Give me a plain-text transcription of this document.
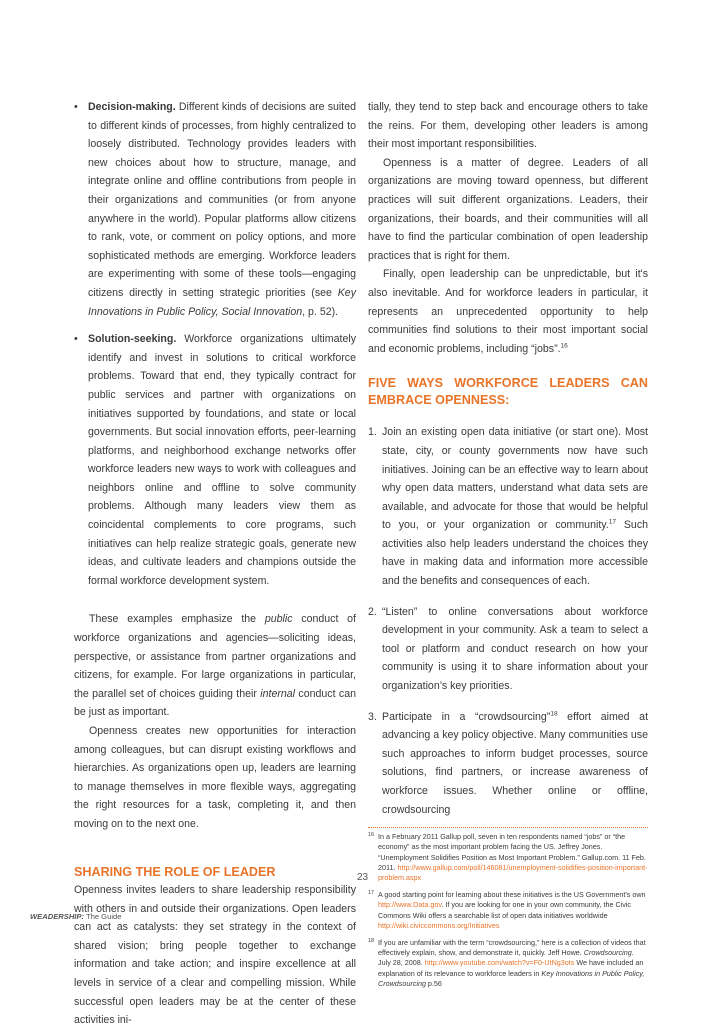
• Decision-making. Different kinds of decisions are suited to different kinds of processes, from highly centralized to loosely distributed. Technology provides leaders with new choices about how to structure, manage, and integrate online and offline contributions from people in their organizations and communities (or from anyone anywhere in the world). Popular platforms allow citizens to rank, vote, or comment on policy options, and more sophisticated methods are emerging. Workforce leaders are experimenting with some of these tools—engaging citizens directly in setting strategic priorities (see Key Innovations in Public Policy, Social Innovation, p. 52).
• Solution-seeking. Workforce organizations ultimately identify and invest in solutions to critical workforce problems. Toward that end, they typically contract for public services and partner with organizations on initiatives supported by foundations, and state or local governments. But social innovation efforts, peer-learning platforms, and neighborhood exchange networks offer workforce leaders new ways to work with colleagues and neighbors online and offline to solve community problems. Although many leaders view them as coincidental complements to core programs, such initiatives can help realize strategic goals, generate new ideas, and cultivate leaders and champions outside the formal workforce development system.

These examples emphasize the public conduct of workforce organizations and agencies—soliciting ideas, perspective, or assistance from partner organizations and citizens, for example. For large organizations in particular, the parallel set of choices guiding their internal conduct can be just as important.

Openness creates new opportunities for interaction among colleagues, but can disrupt existing workflows and hierarchies. As organizations open up, leaders are learning to manage themselves in more flexible ways, aggregating the right resources for a task, completing it, and then moving on to the next one.

SHARING THE ROLE OF LEADER

Openness invites leaders to share leadership responsibility with others in and outside their organizations. Open leaders can act as catalysts: they set strategy in the context of shared vision; bring people together to exchange information and take action; and inspire excellence at all levels in service of a clear and compelling mission. While successful open leaders may be at the center of these activities ini-

tially, they tend to step back and encourage others to take the reins. For them, developing other leaders is among their most important responsibilities.

Openness is a matter of degree. Leaders of all organizations are moving toward openness, but different practices will suit different organizations. Leaders, their organizations, their boards, and their communities will all have to find the particular combination of open leadership practices that is right for them.

Finally, open leadership can be unpredictable, but it's also inevitable. And for workforce leaders in particular, it represents an unprecedented opportunity to help communities find solutions to their most important social and economic problems, including “jobs”.$^{16}$

FIVE WAYS WORKFORCE LEADERS CAN EMBRACE OPENNESS:
1. Join an existing open data initiative (or start one). Most state, city, or county governments now have such initiatives. Joining can be an effective way to learn about why open data matters, understand what data sets are available, and advocate for those that would be helpful to you, or your organization or community.$^{17}$ Such activities also help leaders understand the choices they have in making data and information more accessible and the benefits and consequences of each.
2. “Listen” to online conversations about workforce development in your community. Ask a team to select a tool or platform and conduct research on how your community is using it to share information about your organization’s key priorities.
3. Participate in a “crowdsourcing”$^{18}$ effort aimed at advancing a key policy objective. Many communities use such approaches to inform budget processes, source solutions, find partners, or increase awareness of workforce issues. Whether online or offline, crowdsourcing
16 In a February 2011 Gallup poll, seven in ten respondents named “jobs” or “the economy” as the most important problem facing the US. Jeffrey Jones. “Unemployment Solidifies Position as Most Important Problem.” Gallup.com. 11 Feb. 2011. http://www.gallup.com/poll/146081/unemployment-solidifies-position-important-problem.aspx
17 A good starting point for learning about these initiatives is the US Government’s own http://www.Data.gov. If you are looking for one in your own community, the Civic Commons Wiki offers a searchable list of open data initiatives worldwide http://wiki.civiccommons.org/Initiatives
18 If you are unfamiliar with the term “crowdsourcing,” here is a collection of videos that effectively explain, show, and demonstrate it, quickly. Jeff Howe. Crowdsourcing. July 28, 2008. http://www.youtube.com/watch?v=F0-UtNg3ots We have included an explanation of its relevance to workforce leaders in Key Innovations in Public Policy, Crowdsourcing p.56
23
WEADERSHIP: The Guide
